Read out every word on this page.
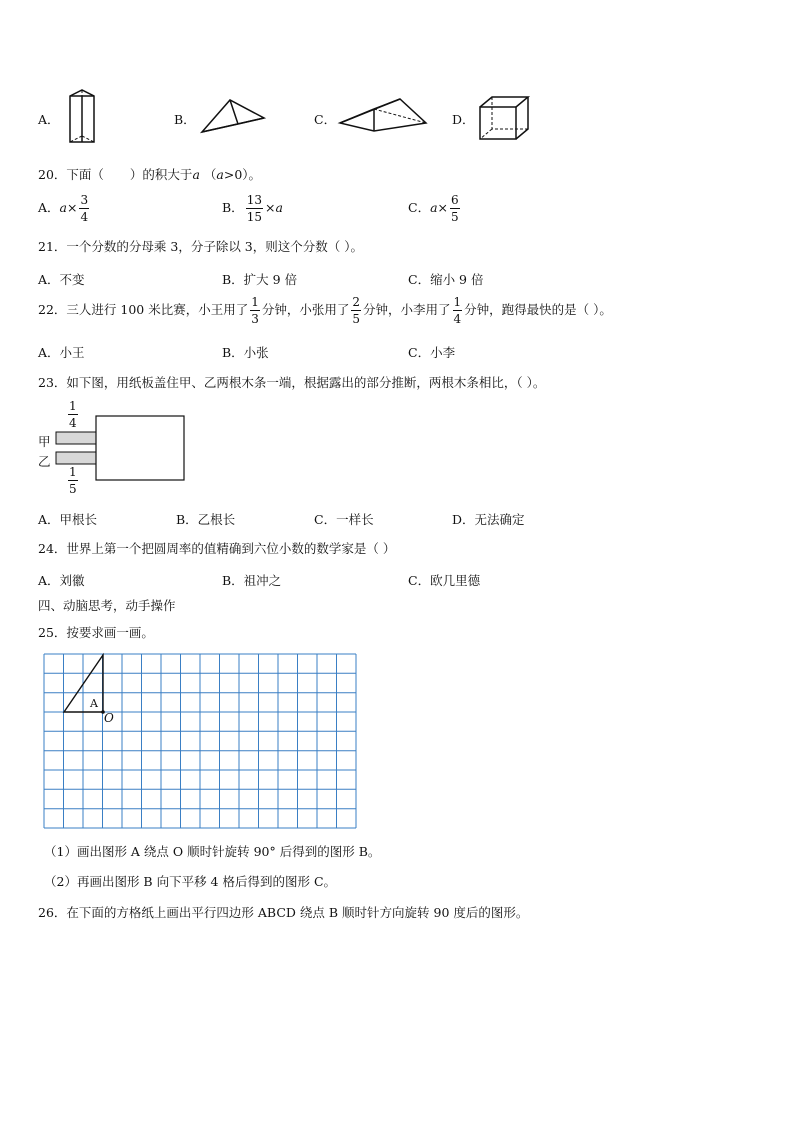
A．	B．	C．	D．
20．下面（ ）的积大于a （a>0）。
A．$a\times \frac{3}{4}$	B． $\frac{13}{15} \times a$	C．$a\times \frac{6}{5}$
21．一个分数的分母乘 3，分子除以 3，则这个分数（ ）。
A．不变	B．扩大 9 倍	C．缩小 9 倍
22．三人进行 100 米比赛，小王用了 $\frac{1}{3}$ 分钟，小张用了 $\frac{2}{5}$ 分钟，小李用了 $\frac{1}{4}$ 分钟，跑得最快的是（ ）。
A．小王	B．小张	C．小李
23．如下图，用纸板盖住甲、乙两根木条一端，根据露出的部分推断，两根木条相比，（ ）。
$\frac{1}{4}$
甲
乙
$\frac{1}{5}$
A．甲根长	B．乙根长	C．一样长	D．无法确定
24．世界上第一个把圆周率的值精确到六位小数的数学家是（ ）
A．刘徽	B．祖冲之	C．欧几里德
四、动脑思考，动手操作
25．按要求画一画。
A
O
（1）画出图形 A 绕点 O 顺时针旋转 90° 后得到的图形 B。
（2）再画出图形 B 向下平移 4 格后得到的图形 C。
26．在下面的方格纸上画出平行四边形 ABCD 绕点 B 顺时针方向旋转 90 度后的图形。
